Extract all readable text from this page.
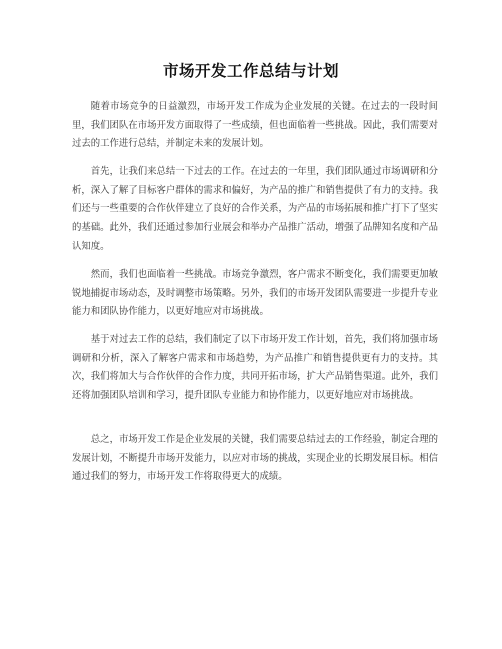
市场开发工作总结与计划

随着市场竞争的日益激烈，市场开发工作成为企业发展的关键。在过去的一段时间里，我们团队在市场开发方面取得了一些成绩，但也面临着一些挑战。因此，我们需要对过去的工作进行总结，并制定未来的发展计划。

首先，让我们来总结一下过去的工作。在过去的一年里，我们团队通过市场调研和分析，深入了解了目标客户群体的需求和偏好，为产品的推广和销售提供了有力的支持。我们还与一些重要的合作伙伴建立了良好的合作关系，为产品的市场拓展和推广打下了坚实的基础。此外，我们还通过参加行业展会和举办产品推广活动，增强了品牌知名度和产品认知度。

然而，我们也面临着一些挑战。市场竞争激烈，客户需求不断变化，我们需要更加敏锐地捕捉市场动态，及时调整市场策略。另外，我们的市场开发团队需要进一步提升专业能力和团队协作能力，以更好地应对市场挑战。

基于对过去工作的总结，我们制定了以下市场开发工作计划，首先，我们将加强市场调研和分析，深入了解客户需求和市场趋势，为产品推广和销售提供更有力的支持。其次，我们将加大与合作伙伴的合作力度，共同开拓市场，扩大产品销售渠道。此外，我们还将加强团队培训和学习，提升团队专业能力和协作能力，以更好地应对市场挑战。

总之，市场开发工作是企业发展的关键，我们需要总结过去的工作经验，制定合理的发展计划，不断提升市场开发能力，以应对市场的挑战，实现企业的长期发展目标。相信通过我们的努力，市场开发工作将取得更大的成绩。
